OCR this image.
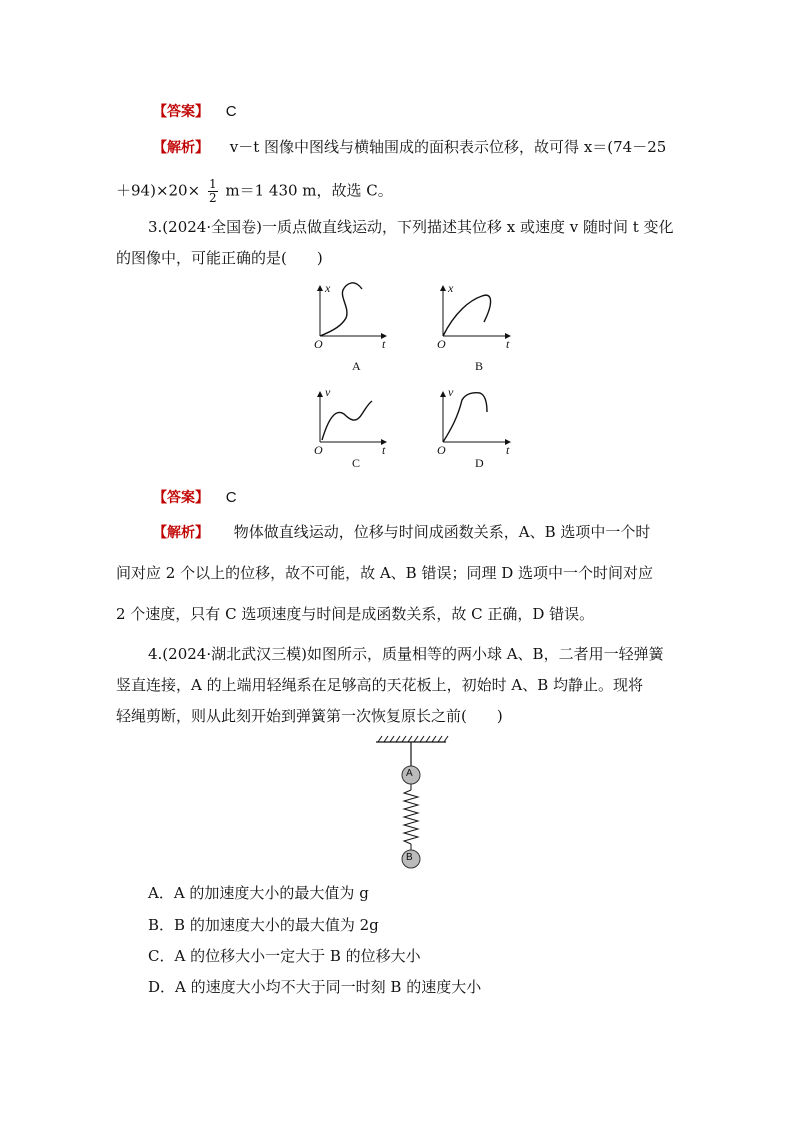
【答案】 C
【解析】 v－t 图像中图线与横轴围成的面积表示位移，故可得 x＝(74－25
$+94)\times 20\times \frac{1}{2} m=1$ 430 m，故选 C。
3.(2024·全国卷)一质点做直线运动，下列描述其位移 x 或速度 v 随时间 t 变化
的图像中，可能正确的是(　　)
x
O	t
A
x
O	t
B
v
O	t
C
v
O	t
D
【答案】 C
【解析】 物体做直线运动，位移与时间成函数关系，A、B 选项中一个时
间对应 2 个以上的位移，故不可能，故 A、B 错误；同理 D 选项中一个时间对应
2 个速度，只有 C 选项速度与时间是成函数关系，故 C 正确，D 错误。
4.(2024·湖北武汉三模)如图所示，质量相等的两小球 A、B，二者用一轻弹簧
竖直连接，A 的上端用轻绳系在足够高的天花板上，初始时 A、B 均静止。现将
轻绳剪断，则从此刻开始到弹簧第一次恢复原长之前(　　)
A
B
A．A 的加速度大小的最大值为 g
B．B 的加速度大小的最大值为 2g
C．A 的位移大小一定大于 B 的位移大小
D．A 的速度大小均不大于同一时刻 B 的速度大小
